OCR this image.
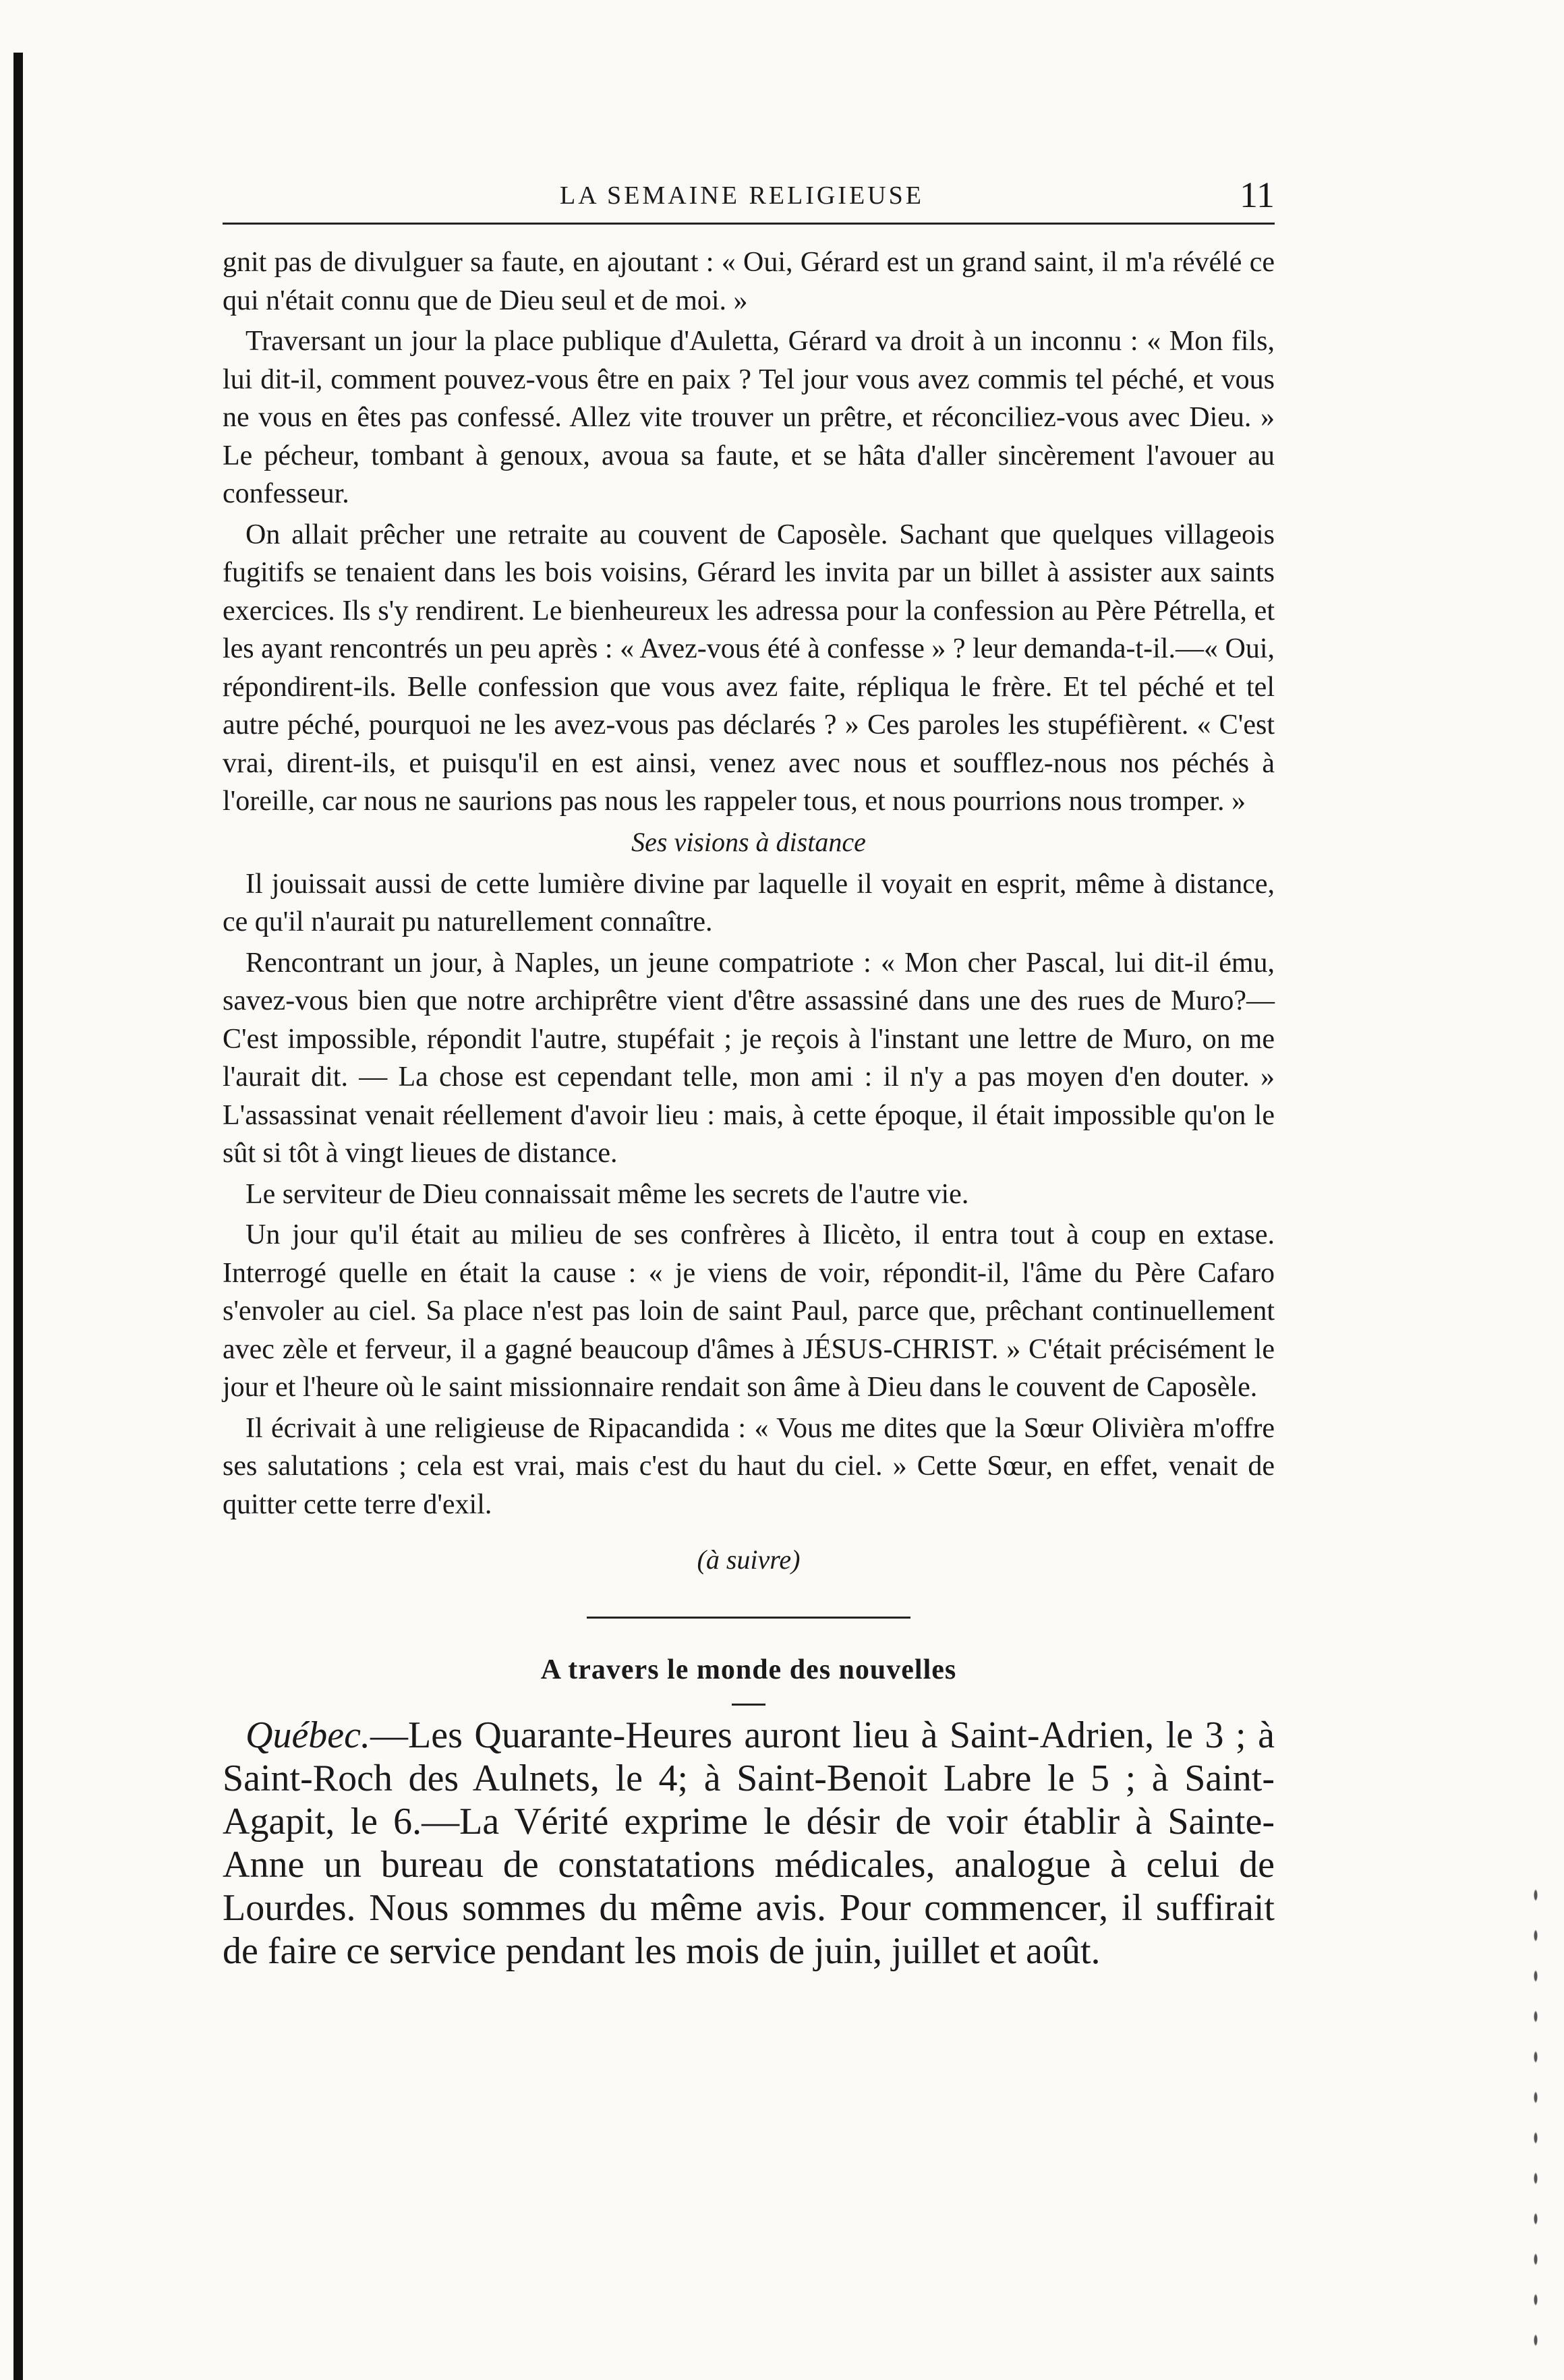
LA SEMAINE RELIGIEUSE	11

gnit pas de divulguer sa faute, en ajoutant : « Oui, Gérard est un grand saint, il m'a révélé ce qui n'était connu que de Dieu seul et de moi. »

Traversant un jour la place publique d'Auletta, Gérard va droit à un inconnu : « Mon fils, lui dit-il, comment pouvez-vous être en paix ? Tel jour vous avez commis tel péché, et vous ne vous en êtes pas confessé. Allez vite trouver un prêtre, et réconciliez-vous avec Dieu. » Le pécheur, tombant à genoux, avoua sa faute, et se hâta d'aller sincèrement l'avouer au confesseur.

On allait prêcher une retraite au couvent de Caposèle. Sachant que quelques villageois fugitifs se tenaient dans les bois voisins, Gérard les invita par un billet à assister aux saints exercices. Ils s'y rendirent. Le bienheureux les adressa pour la confession au Père Pétrella, et les ayant rencontrés un peu après : « Avez-vous été à confesse » ? leur demanda-t-il.—« Oui, répondirent-ils. Belle confession que vous avez faite, répliqua le frère. Et tel péché et tel autre péché, pourquoi ne les avez-vous pas déclarés ? » Ces paroles les stupéfièrent. « C'est vrai, dirent-ils, et puisqu'il en est ainsi, venez avec nous et soufflez-nous nos péchés à l'oreille, car nous ne saurions pas nous les rappeler tous, et nous pourrions nous tromper. »

Ses visions à distance

Il jouissait aussi de cette lumière divine par laquelle il voyait en esprit, même à distance, ce qu'il n'aurait pu naturellement connaître.

Rencontrant un jour, à Naples, un jeune compatriote : « Mon cher Pascal, lui dit-il ému, savez-vous bien que notre archiprêtre vient d'être assassiné dans une des rues de Muro?—C'est impossible, répondit l'autre, stupéfait ; je reçois à l'instant une lettre de Muro, on me l'aurait dit. — La chose est cependant telle, mon ami : il n'y a pas moyen d'en douter. » L'assassinat venait réellement d'avoir lieu : mais, à cette époque, il était impossible qu'on le sût si tôt à vingt lieues de distance.

Le serviteur de Dieu connaissait même les secrets de l'autre vie.

Un jour qu'il était au milieu de ses confrères à Ilicèto, il entra tout à coup en extase. Interrogé quelle en était la cause : « je viens de voir, répondit-il, l'âme du Père Cafaro s'envoler au ciel. Sa place n'est pas loin de saint Paul, parce que, prêchant continuellement avec zèle et ferveur, il a gagné beaucoup d'âmes à JÉSUS-CHRIST. » C'était précisément le jour et l'heure où le saint missionnaire rendait son âme à Dieu dans le couvent de Caposèle.

Il écrivait à une religieuse de Ripacandida : « Vous me dites que la Sœur Olivièra m'offre ses salutations ; cela est vrai, mais c'est du haut du ciel. » Cette Sœur, en effet, venait de quitter cette terre d'exil.

(à suivre)
A travers le monde des nouvelles

Québec.—Les Quarante-Heures auront lieu à Saint-Adrien, le 3 ; à Saint-Roch des Aulnets, le 4; à Saint-Benoit Labre le 5 ; à Saint-Agapit, le 6.—La Vérité exprime le désir de voir établir à Sainte-Anne un bureau de constatations médicales, analogue à celui de Lourdes. Nous sommes du même avis. Pour commencer, il suffirait de faire ce service pendant les mois de juin, juillet et août.
